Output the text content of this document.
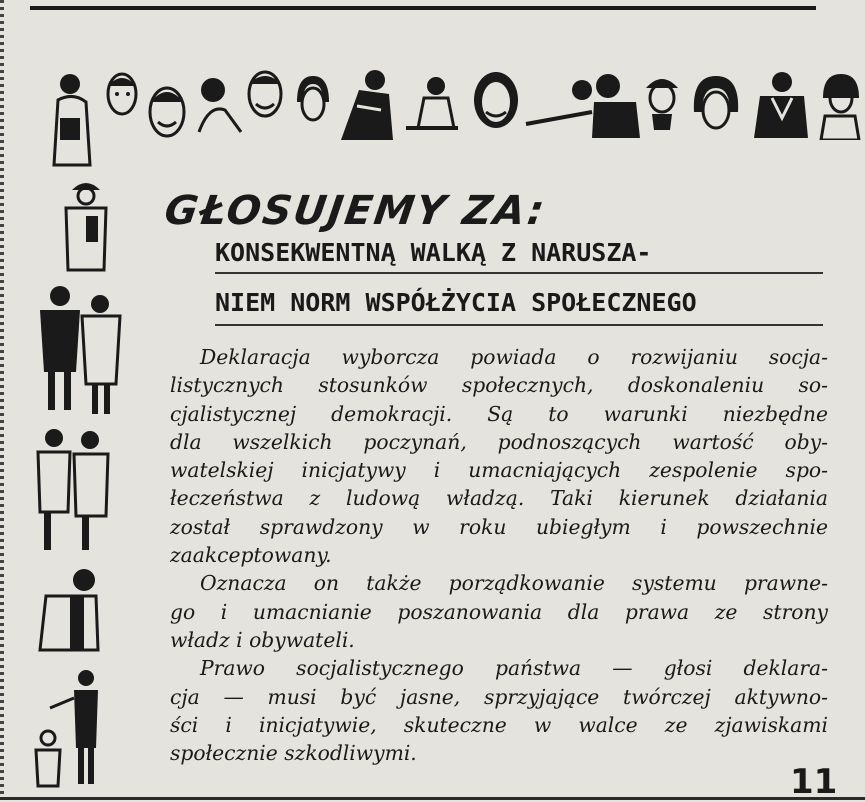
GŁOSUJEMY ZA:
KONSEKWENTNĄ WALKĄ Z NARUSZA-
NIEM NORM WSPÓŁŻYCIA SPOŁECZNEGO

Deklaracja wyborcza powiada o rozwijaniu socja-
listycznych stosunków społecznych, doskonaleniu so-
cjalistycznej demokracji. Są to warunki niezbędne
dla wszelkich poczynań, podnoszących wartość oby-
watelskiej inicjatywy i umacniających zespolenie spo-
łeczeństwa z ludową władzą. Taki kierunek działania
został sprawdzony w roku ubiegłym i powszechnie
zaakceptowany.

Oznacza on także porządkowanie systemu prawne-
go i umacnianie poszanowania dla prawa ze strony
władz i obywateli.

Prawo socjalistycznego państwa — głosi deklara-
cja — musi być jasne, sprzyjające twórczej aktywno-
ści i inicjatywie, skuteczne w walce ze zjawiskami
społecznie szkodliwymi.

11
